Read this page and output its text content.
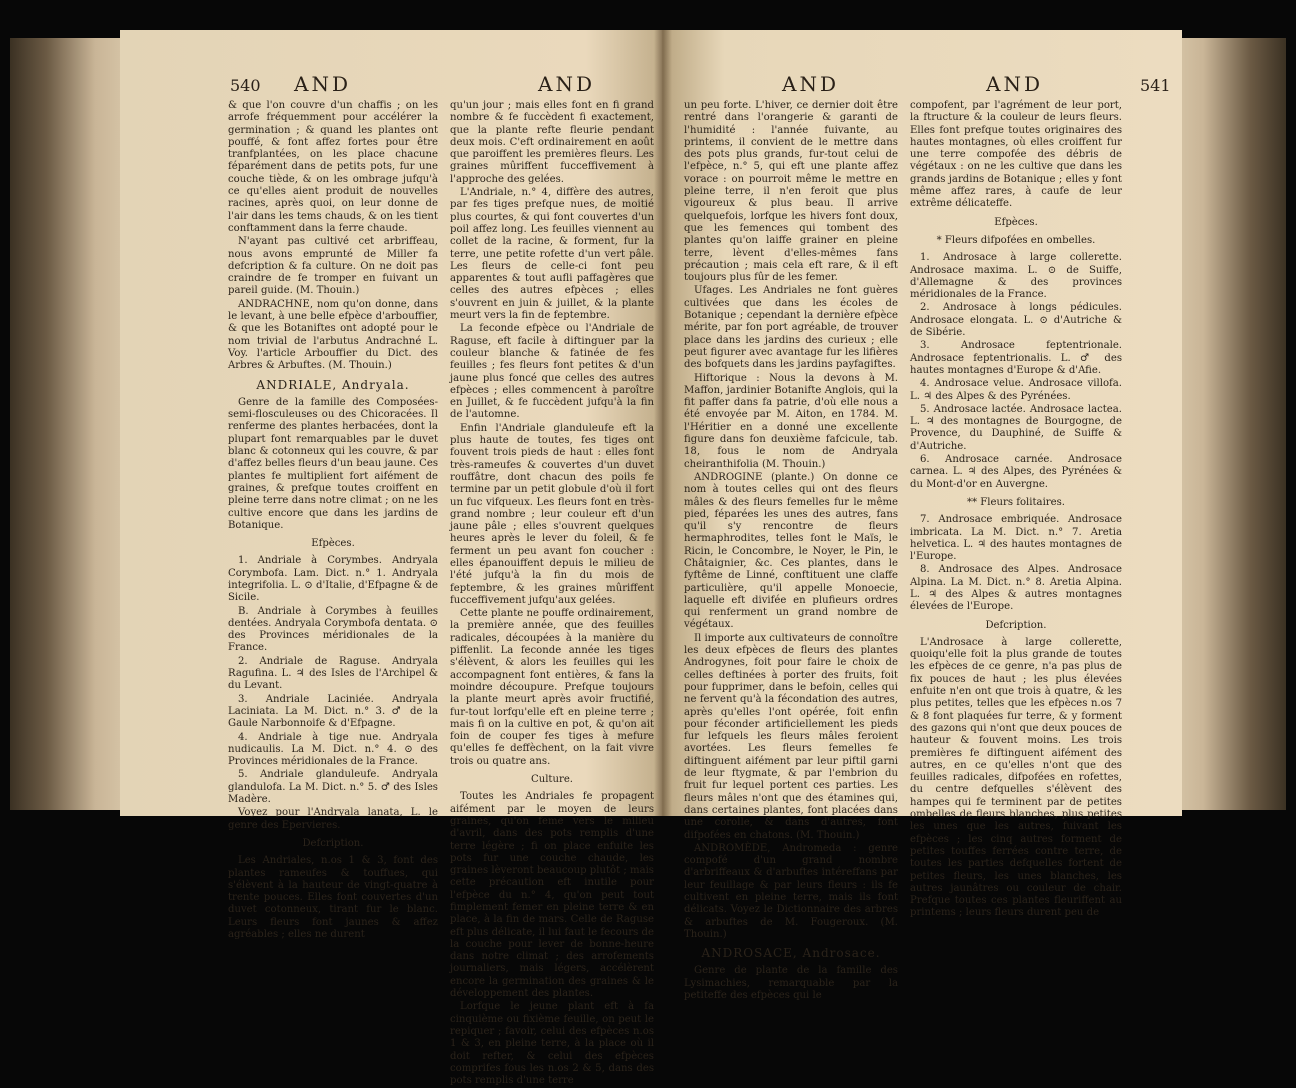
540 AND	AND

& que l'on couvre d'un chaffis ; on les arrofe fréquemment pour accélérer la germination ; & quand les plantes ont pouffé, & font affez fortes pour être tranfplantées, on les place chacune féparément dans de petits pots, fur une couche tiède, & on les ombrage jufqu'à ce qu'elles aient produit de nouvelles racines, après quoi, on leur donne de l'air dans les tems chauds, & on les tient conftamment dans la ferre chaude.

N'ayant pas cultivé cet arbriffeau, nous avons emprunté de Miller fa defcription & fa culture. On ne doit pas craindre de fe tromper en fuivant un pareil guide. (M. Thouin.)

ANDRACHNE, nom qu'on donne, dans le levant, à une belle efpèce d'arbouffier, & que les Botaniftes ont adopté pour le nom trivial de l'arbutus Andrachné L. Voy. l'article Arbouffier du Dict. des Arbres & Arbuftes. (M. Thouin.)

ANDRIALE, Andryala.

Genre de la famille des Composées-semi-flosculeuses ou des Chicoracées. Il renferme des plantes herbacées, dont la plupart font remarquables par le duvet blanc & cotonneux qui les couvre, & par d'affez belles fleurs d'un beau jaune. Ces plantes fe multiplient fort aifément de graines, & prefque toutes croiffent en pleine terre dans notre climat ; on ne les cultive encore que dans les jardins de Botanique.

Efpèces.

1. Andriale à Corymbes. Andryala Corymbofa. Lam. Dict. n.° 1. Andryala integrifolia. L. ⊙ d'Italie, d'Efpagne & de Sicile.

B. Andriale à Corymbes à feuilles dentées. Andryala Corymbofa dentata. ⊙ des Provinces méridionales de la France.

2. Andriale de Raguse. Andryala Ragufina. L. ♃ des Isles de l'Archipel & du Levant.

3. Andriale Laciniée. Andryala Laciniata. La M. Dict. n.° 3. ♂ de la Gaule Narbonnoife & d'Efpagne.

4. Andriale à tige nue. Andryala nudicaulis. La M. Dict. n.° 4. ⊙ des Provinces méridionales de la France.

5. Andriale glanduleufe. Andryala glandulofa. La M. Dict. n.° 5. ♂ des Isles Madère.

Voyez pour l'Andryala lanata, L. le genre des Epervieres.

Defcription.

Les Andriales, n.os 1 & 3, font des plantes rameufes & touffues, qui s'élèvent à la hauteur de vingt-quatre à trente pouces. Elles font couvertes d'un duvet cotonneux, tirant fur le blanc. Leurs fleurs font jaunes & affez agréables ; elles ne durent

qu'un jour ; mais elles font en fi grand nombre & fe fuccèdent fi exactement, que la plante refte fleurie pendant deux mois. C'eft ordinairement en août que paroiffent les premières fleurs. Les graines mûriffent fucceffivement à l'approche des gelées.

L'Andriale, n.° 4, diffère des autres, par fes tiges prefque nues, de moitié plus courtes, & qui font couvertes d'un poil affez long. Les feuilles viennent au collet de la racine, & forment, fur la terre, une petite rofette d'un vert pâle. Les fleurs de celle-ci font peu apparentes & tout aufli paffagères que celles des autres efpèces ; elles s'ouvrent en juin & juillet, & la plante meurt vers la fin de feptembre.

La feconde efpèce ou l'Andriale de Raguse, eft facile à diftinguer par la couleur blanche & fatinée de fes feuilles ; fes fleurs font petites & d'un jaune plus foncé que celles des autres efpèces ; elles commencent à paroître en Juillet, & fe fuccèdent jufqu'à la fin de l'automne.

Enfin l'Andriale glanduleufe eft la plus haute de toutes, fes tiges ont fouvent trois pieds de haut : elles font très-rameufes & couvertes d'un duvet rouffâtre, dont chacun des poils fe termine par un petit globule d'où il fort un fuc vifqueux. Les fleurs font en très-grand nombre ; leur couleur eft d'un jaune pâle ; elles s'ouvrent quelques heures après le lever du foleil, & fe ferment un peu avant fon coucher : elles épanouiffent depuis le milieu de l'été jufqu'à la fin du mois de feptembre, & les graines mûriffent fucceffivement jufqu'aux gelées.

Cette plante ne pouffe ordinairement, la première année, que des feuilles radicales, découpées à la manière du piffenlit. La feconde année les tiges s'élèvent, & alors les feuilles qui les accompagnent font entières, & fans la moindre découpure. Prefque toujours la plante meurt après avoir fructifié, fur-tout lorfqu'elle eft en pleine terre ; mais fi on la cultive en pot, & qu'on ait foin de couper fes tiges à mefure qu'elles fe deffèchent, on la fait vivre trois ou quatre ans.

Culture.

Toutes les Andriales fe propagent aifément par le moyen de leurs graines, qu'on feme vers le milieu d'avril, dans des pots remplis d'une terre légère ; fi on place enfuite les pots fur une couche chaude, les graines lèveront beaucoup plutôt ; mais cette précaution eft inutile pour l'efpèce du n.° 4, qu'on peut tout fimplement femer en pleine terre & en place, à la fin de mars. Celle de Raguse eft plus délicate, il lui faut le fecours de la couche pour lever de bonne-heure dans notre climat ; des arrofements journaliers, mais légers, accélèrent encore la germination des graines & le développement des plantes.

Lorfque le jeune plant eft à fa cinquième ou fixième feuille, on peut le repiquer ; favoir, celui des efpèces n.os 1 & 3, en pleine terre, à la place où il doit refter, & celui des efpèces comprifes fous les n.os 2 & 5, dans des pots remplis d'une terre

AND	AND	541

un peu forte. L'hiver, ce dernier doit être rentré dans l'orangerie & garanti de l'humidité : l'année fuivante, au printems, il convient de le mettre dans des pots plus grands, fur-tout celui de l'efpèce, n.° 5, qui eft une plante affez vorace : on pourroit même le mettre en pleine terre, il n'en feroit que plus vigoureux & plus beau. Il arrive quelquefois, lorfque les hivers font doux, que les femences qui tombent des plantes qu'on laiffe grainer en pleine terre, lèvent d'elles-mêmes fans précaution ; mais cela eft rare, & il eft toujours plus fûr de les femer.

Ufages. Les Andriales ne font guères cultivées que dans les écoles de Botanique ; cependant la dernière efpèce mérite, par fon port agréable, de trouver place dans les jardins des curieux ; elle peut figurer avec avantage fur les lifières des bofquets dans les jardins payfagiftes.

Hiftorique : Nous la devons à M. Maffon, jardinier Botanifte Anglois, qui la fit paffer dans fa patrie, d'où elle nous a été envoyée par M. Aiton, en 1784. M. l'Héritier en a donné une excellente figure dans fon deuxième fafcicule, tab. 18, fous le nom de Andryala cheiranthifolia (M. Thouin.)

ANDROGINE (plante.) On donne ce nom à toutes celles qui ont des fleurs mâles & des fleurs femelles fur le même pied, féparées les unes des autres, fans qu'il s'y rencontre de fleurs hermaphrodites, telles font le Maïs, le Ricin, le Concombre, le Noyer, le Pin, le Châtaignier, &c. Ces plantes, dans le fyftême de Linné, conftituent une claffe particulière, qu'il appelle Monoecie, laquelle eft divifée en plufieurs ordres qui renferment un grand nombre de végétaux.

Il importe aux cultivateurs de connoître les deux efpèces de fleurs des plantes Androgynes, foit pour faire le choix de celles deftinées à porter des fruits, foit pour fupprimer, dans le befoin, celles qui ne fervent qu'à la fécondation des autres, après qu'elles l'ont opérée, foit enfin pour féconder artificiellement les pieds fur lefquels les fleurs mâles feroient avortées. Les fleurs femelles fe diftinguent aifément par leur piftil garni de leur ftygmate, & par l'embrion du fruit fur lequel portent ces parties. Les fleurs mâles n'ont que des étamines qui, dans certaines plantes, font placées dans une corolle, & dans d'autres, font difpofées en chatons. (M. Thouin.)

ANDROMÈDE, Andromeda : genre compofé d'un grand nombre d'arbriffeaux & d'arbuftes intéreffans par leur feuillage & par leurs fleurs : ils fe cultivent en pleine terre, mais ils font délicats. Voyez le Dictionnaire des arbres & arbuftes de M. Fougeroux. (M. Thouin.)

ANDROSACE, Androsace.

Genre de plante de la famille des Lysimachies, remarquable par la petiteffe des efpèces qui le

compofent, par l'agrément de leur port, la ftructure & la couleur de leurs fleurs. Elles font prefque toutes originaires des hautes montagnes, où elles croiffent fur une terre compofée des débris de végétaux : on ne les cultive que dans les grands jardins de Botanique ; elles y font même affez rares, à caufe de leur extrême délicateffe.

Efpèces.

* Fleurs difpofées en ombelles.

1. Androsace à large collerette. Androsace maxima. L. ⊙ de Suiffe, d'Allemagne & des provinces méridionales de la France.

2. Androsace à longs pédicules. Androsace elongata. L. ⊙ d'Autriche & de Sibérie.

3. Androsace feptentrionale. Androsace feptentrionalis. L. ♂ des hautes montagnes d'Europe & d'Afie.

4. Androsace velue. Androsace villofa. L. ♃ des Alpes & des Pyrénées.

5. Androsace lactée. Androsace lactea. L. ♃ des montagnes de Bourgogne, de Provence, du Dauphiné, de Suiffe & d'Autriche.

6. Androsace carnée. Androsace carnea. L. ♃ des Alpes, des Pyrénées & du Mont-d'or en Auvergne.

** Fleurs folitaires.

7. Androsace embriquée. Androsace imbricata. La M. Dict. n.° 7. Aretia helvetica. L. ♃ des hautes montagnes de l'Europe.

8. Androsace des Alpes. Androsace Alpina. La M. Dict. n.° 8. Aretia Alpina. L. ♃ des Alpes & autres montagnes élevées de l'Europe.

Defcription.

L'Androsace à large collerette, quoiqu'elle foit la plus grande de toutes les efpèces de ce genre, n'a pas plus de fix pouces de haut ; les plus élevées enfuite n'en ont que trois à quatre, & les plus petites, telles que les efpèces n.os 7 & 8 font plaquées fur terre, & y forment des gazons qui n'ont que deux pouces de hauteur & fouvent moins. Les trois premières fe diftinguent aifément des autres, en ce qu'elles n'ont que des feuilles radicales, difpofées en rofettes, du centre defquelles s'élèvent des hampes qui fe terminent par de petites ombelles de fleurs blanches, plus petites les unes que les autres, fuivant les efpèces ; les cinq autres forment de petites touffes ferrées contre terre, de toutes les parties defquelles fortent de petites fleurs, les unes blanches, les autres jaunâtres ou couleur de chair. Prefque toutes ces plantes fleuriffent au printems ; leurs fleurs durent peu de
